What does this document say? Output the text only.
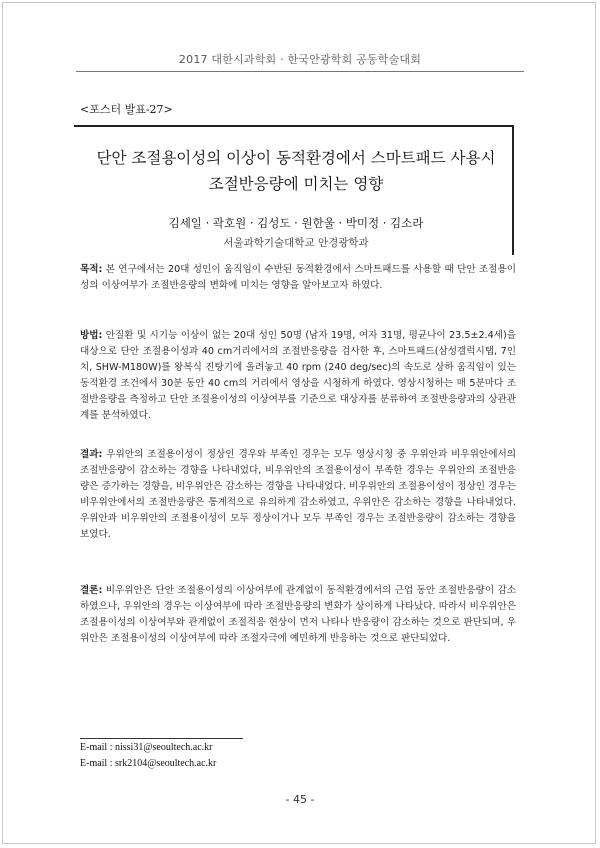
2017 대한시과학회 · 한국안광학회 공동학술대회
<포스터 발표-27>
단안 조절용이성의 이상이 동적환경에서 스마트패드 사용시
조절반응량에 미치는 영향
김세일 · 곽호원 · 김성도 · 원한울 · 박미정 · 김소라
서울과학기술대학교 안경광학과
목적: 본 연구에서는 20대 성인이 움직임이 수반된 동적환경에서 스마트패드를 사용할 때 단안 조절용이성의 이상여부가 조절반응량의 변화에 미치는 영향을 알아보고자 하였다.
방법: 안질환 및 시기능 이상이 없는 20대 성인 50명 (남자 19명, 여자 31명, 평균나이 23.5±2.4세)을 대상으로 단안 조절용이성과 40 cm거리에서의 조절반응량을 검사한 후, 스마트패드(삼성갤럭시탭, 7인치, SHW-M180W)를 왕복식 진탕기에 올려놓고 40 rpm (240 deg/sec)의 속도로 상하 움직임이 있는 동적환경 조건에서 30분 동안 40 cm의 거리에서 영상을 시청하게 하였다. 영상시청하는 매 5분마다 조절반응량을 측정하고 단안 조절용이성의 이상여부를 기준으로 대상자를 분류하여 조절반응량과의 상관관계를 분석하였다.
결과: 우위안의 조절용이성이 정상인 경우와 부족인 경우는 모두 영상시청 중 우위안과 비우위안에서의 조절반응량이 감소하는 경향을 나타내었다, 비우위안의 조절용이성이 부족한 경우는 우위안의 조절반응량은 증가하는 경향을, 비우위안은 감소하는 경향을 나타내었다. 비우위안의 조절용이성이 정상인 경우는 비우위안에서의 조절반응량은 통계적으로 유의하게 감소하였고, 우위안은 감소하는 경향을 나타내었다. 우위안과 비우위안의 조절용이성이 모두 정상이거나 모두 부족인 경우는 조절반응량이 감소하는 경향을 보였다.
결론: 비우위안은 단안 조절용이성의 이상여부에 관계없이 동적환경에서의 근업 동안 조절반응량이 감소하였으나, 우위안의 경우는 이상여부에 따라 조절반응량의 변화가 상이하게 나타났다. 따라서 비우위안은 조절용이성의 이상여부와 관계없이 조절적응 현상이 먼저 나타나 반응량이 감소하는 것으로 판단되며, 우위안은 조절용이성의 이상여부에 따라 조절자극에 예민하게 반응하는 것으로 판단되었다.
E-mail : nissi31@seoultech.ac.kr
E-mail : srk2104@seoultech.ac.kr
- 45 -
